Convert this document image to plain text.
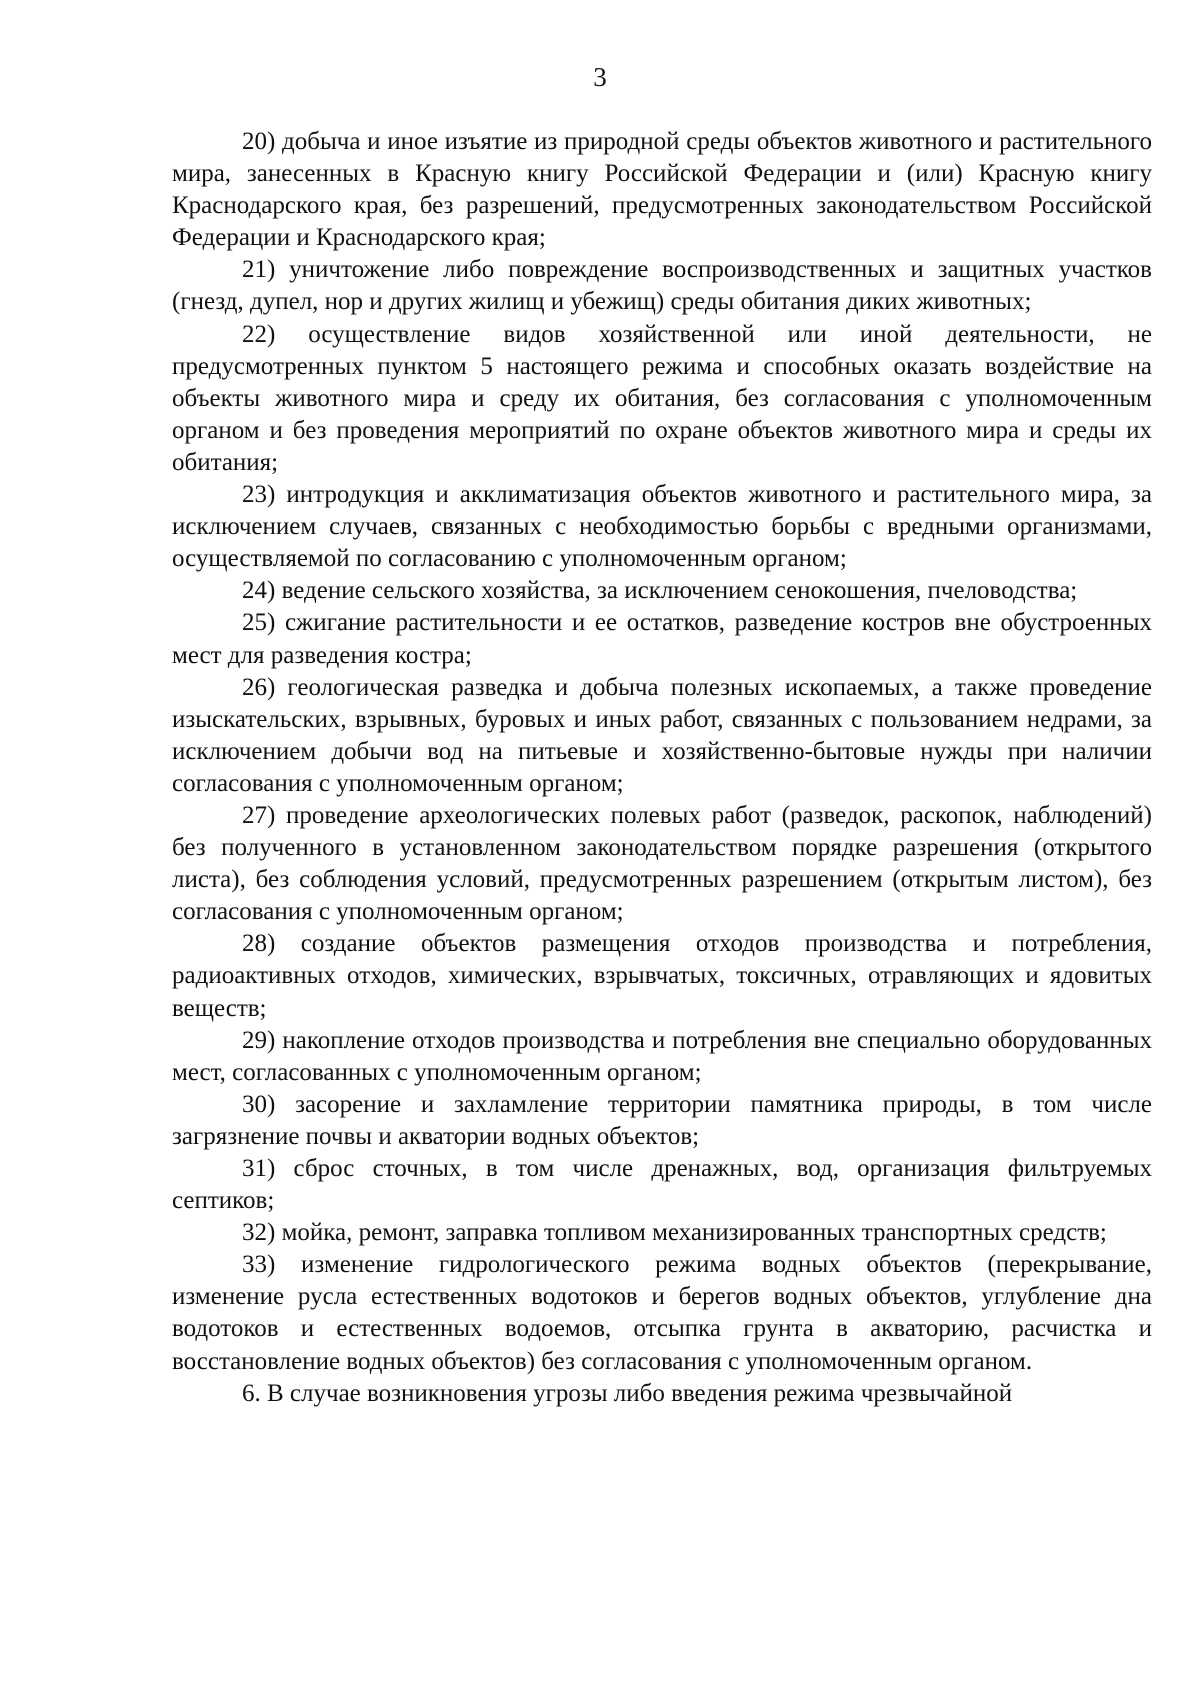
3

20) добыча и иное изъятие из природной среды объектов животного и растительного мира, занесенных в Красную книгу Российской Федерации и (или) Красную книгу Краснодарского края, без разрешений, предусмотренных законодательством Российской Федерации и Краснодарского края;

21) уничтожение либо повреждение воспроизводственных и защитных участков (гнезд, дупел, нор и других жилищ и убежищ) среды обитания диких животных;

22) осуществление видов хозяйственной или иной деятельности, не предусмотренных пунктом 5 настоящего режима и способных оказать воздействие на объекты животного мира и среду их обитания, без согласования с уполномоченным органом и без проведения мероприятий по охране объектов животного мира и среды их обитания;

23) интродукция и акклиматизация объектов животного и растительного мира, за исключением случаев, связанных с необходимостью борьбы с вредными организмами, осуществляемой по согласованию с уполномоченным органом;

24) ведение сельского хозяйства, за исключением сенокошения, пчеловодства;

25) сжигание растительности и ее остатков, разведение костров вне обустроенных мест для разведения костра;

26) геологическая разведка и добыча полезных ископаемых, а также проведение изыскательских, взрывных, буровых и иных работ, связанных с пользованием недрами, за исключением добычи вод на питьевые и хозяйственно-бытовые нужды при наличии согласования с уполномоченным органом;

27) проведение археологических полевых работ (разведок, раскопок, наблюдений) без полученного в установленном законодательством порядке разрешения (открытого листа), без соблюдения условий, предусмотренных разрешением (открытым листом), без согласования с уполномоченным органом;

28) создание объектов размещения отходов производства и потребления, радиоактивных отходов, химических, взрывчатых, токсичных, отравляющих и ядовитых веществ;

29) накопление отходов производства и потребления вне специально оборудованных мест, согласованных с уполномоченным органом;

30) засорение и захламление территории памятника природы, в том числе загрязнение почвы и акватории водных объектов;

31) сброс сточных, в том числе дренажных, вод, организация фильтруемых септиков;

32) мойка, ремонт, заправка топливом механизированных транспортных средств;

33) изменение гидрологического режима водных объектов (перекрывание, изменение русла естественных водотоков и берегов водных объектов, углубление дна водотоков и естественных водоемов, отсыпка грунта в акваторию, расчистка и восстановление водных объектов) без согласования с уполномоченным органом.

6. В случае возникновения угрозы либо введения режима чрезвычайной
